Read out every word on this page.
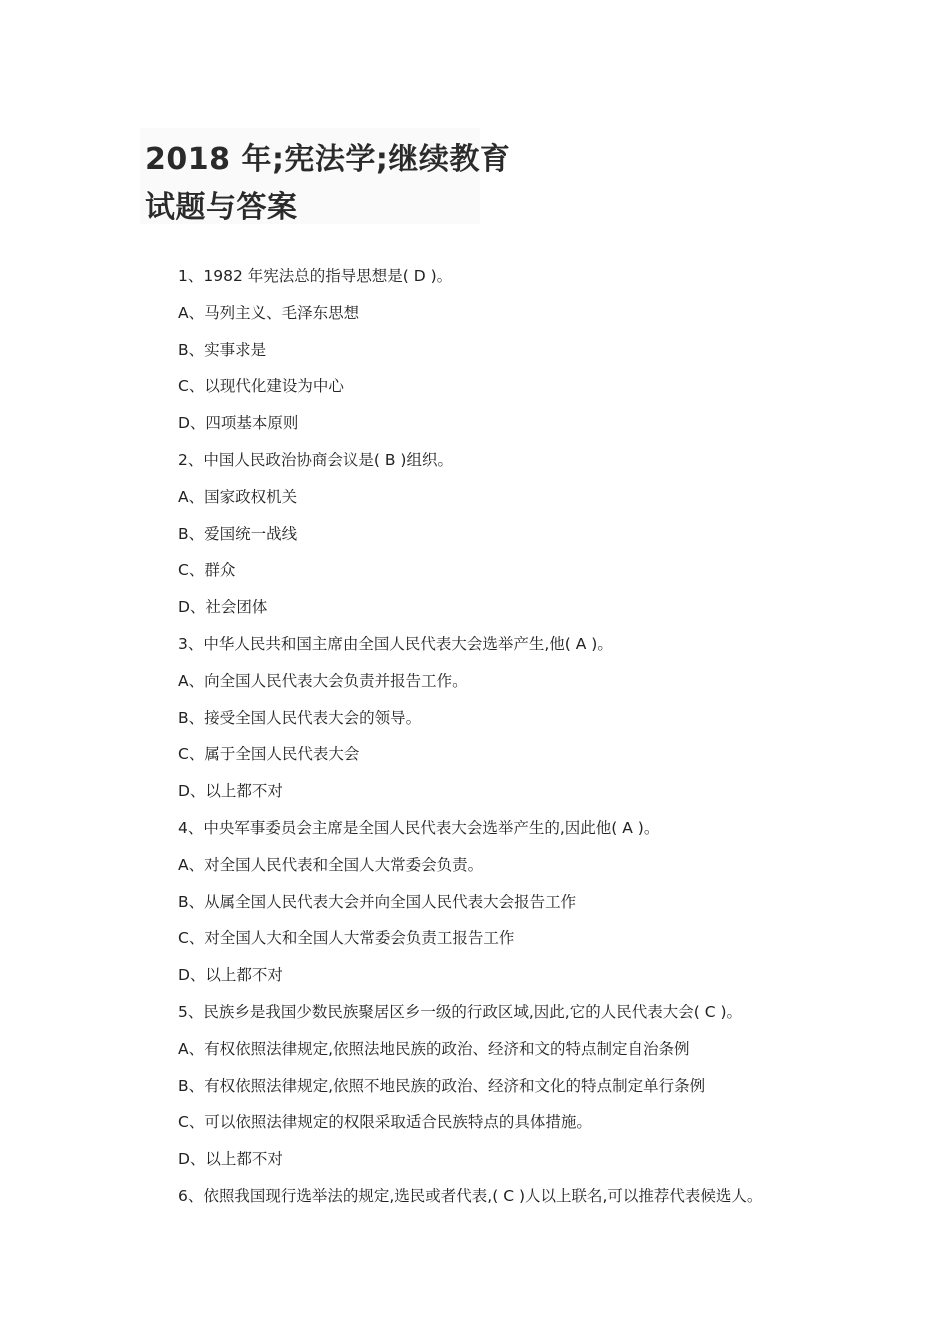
2018 年;宪法学;继续教育
试题与答案
1、1982 年宪法总的指导思想是( D )。
A、马列主义、毛泽东思想
B、实事求是
C、以现代化建设为中心
D、四项基本原则
2、中国人民政治协商会议是( B )组织。
A、国家政权机关
B、爱国统一战线
C、群众
D、社会团体
3、中华人民共和国主席由全国人民代表大会选举产生,他( A )。
A、向全国人民代表大会负责并报告工作。
B、接受全国人民代表大会的领导。
C、属于全国人民代表大会
D、以上都不对
4、中央军事委员会主席是全国人民代表大会选举产生的,因此他( A )。
A、对全国人民代表和全国人大常委会负责。
B、从属全国人民代表大会并向全国人民代表大会报告工作
C、对全国人大和全国人大常委会负责工报告工作
D、以上都不对
5、民族乡是我国少数民族聚居区乡一级的行政区域,因此,它的人民代表大会( C )。
A、有权依照法律规定,依照法地民族的政治、经济和文的特点制定自治条例
B、有权依照法律规定,依照不地民族的政治、经济和文化的特点制定单行条例
C、可以依照法律规定的权限采取适合民族特点的具体措施。
D、以上都不对
6、依照我国现行选举法的规定,选民或者代表,( C )人以上联名,可以推荐代表候选人。
